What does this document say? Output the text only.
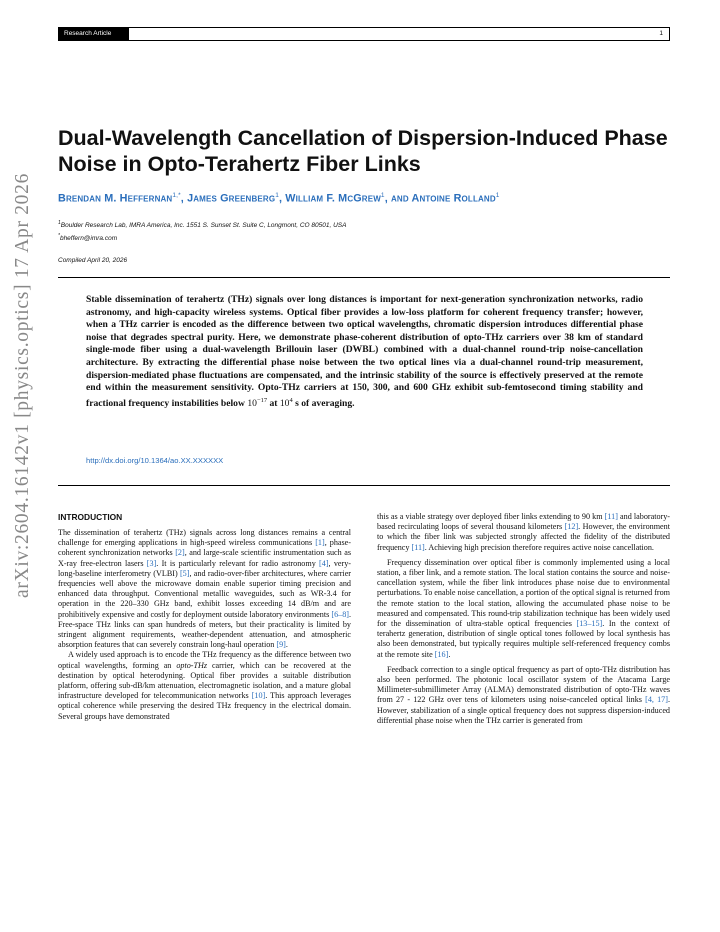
Research Article	1
arXiv:2604.16142v1 [physics.optics] 17 Apr 2026
Dual-Wavelength Cancellation of Dispersion-Induced Phase Noise in Opto-Terahertz Fiber Links
Brendan M. Heffernan$^{1,*}$, James Greenberg$^1$, William F. McGrew$^1$, and Antoine Rolland$^1$
$^1$Boulder Research Lab, IMRA America, Inc. 1551 S. Sunset St. Suite C, Longmont, CO 80501, USA
*bheffern@imra.com
Compiled April 20, 2026
Stable dissemination of terahertz (THz) signals over long distances is important for next-generation synchronization networks, radio astronomy, and high-capacity wireless systems. Optical fiber provides a low-loss platform for coherent frequency transfer; however, when a THz carrier is encoded as the difference between two optical wavelengths, chromatic dispersion introduces differential phase noise that degrades spectral purity. Here, we demonstrate phase-coherent distribution of opto-THz carriers over 38 km of standard single-mode fiber using a dual-wavelength Brillouin laser (DWBL) combined with a dual-channel round-trip noise-cancellation architecture. By extracting the differential phase noise between the two optical lines via a dual-channel round-trip measurement, dispersion-mediated phase fluctuations are compensated, and the intrinsic stability of the source is effectively preserved at the remote end within the measurement sensitivity. Opto-THz carriers at 150, 300, and 600 GHz exhibit sub-femtosecond timing stability and fractional frequency instabilities below $10^{-17}$ at $10^4$ s of averaging.
http://dx.doi.org/10.1364/ao.XX.XXXXXX
INTRODUCTION

The dissemination of terahertz (THz) signals across long distances remains a central challenge for emerging applications in high-speed wireless communications [1], phase-coherent synchronization networks [2], and large-scale scientific instrumentation such as X-ray free-electron lasers [3]. It is particularly relevant for radio astronomy [4], very-long-baseline interferometry (VLBI) [5], and radio-over-fiber architectures, where carrier frequencies well above the microwave domain enable superior timing precision and enhanced data throughput. Conventional metallic waveguides, such as WR-3.4 for operation in the 220–330 GHz band, exhibit losses exceeding 14 dB/m and are prohibitively expensive and costly for deployment outside laboratory environments [6–8]. Free-space THz links can span hundreds of meters, but their practicality is limited by stringent alignment requirements, weather-dependent attenuation, and atmospheric absorption features that can severely constrain long-haul operation [9].

A widely used approach is to encode the THz frequency as the difference between two optical wavelengths, forming an opto-THz carrier, which can be recovered at the destination by optical heterodyning. Optical fiber provides a suitable distribution platform, offering sub-dB/km attenuation, electromagnetic isolation, and a mature global infrastructure developed for telecommunication networks [10]. This approach leverages optical coherence while preserving the desired THz frequency in the electrical domain. Several groups have demonstrated

this as a viable strategy over deployed fiber links extending to 90 km [11] and laboratory-based recirculating loops of several thousand kilometers [12]. However, the environment to which the fiber link was subjected strongly affected the fidelity of the distributed frequency [11]. Achieving high precision therefore requires active noise cancellation.

Frequency dissemination over optical fiber is commonly implemented using a local station, a fiber link, and a remote station. The local station contains the source and noise-cancellation system, while the fiber link introduces phase noise due to environmental perturbations. To enable noise cancellation, a portion of the optical signal is returned from the remote station to the local station, allowing the accumulated phase noise to be measured and compensated. This round-trip stabilization technique has been widely used for the dissemination of ultra-stable optical frequencies [13–15]. In the context of terahertz generation, distribution of single optical tones followed by local synthesis has also been demonstrated, but typically requires multiple self-referenced frequency combs at the remote site [16].

Feedback correction to a single optical frequency as part of opto-THz distribution has also been performed. The photonic local oscillator system of the Atacama Large Millimeter-submillimeter Array (ALMA) demonstrated distribution of opto-THz waves from 27 - 122 GHz over tens of kilometers using noise-canceled optical links [4, 17]. However, stabilization of a single optical frequency does not suppress dispersion-induced differential phase noise when the THz carrier is generated from
